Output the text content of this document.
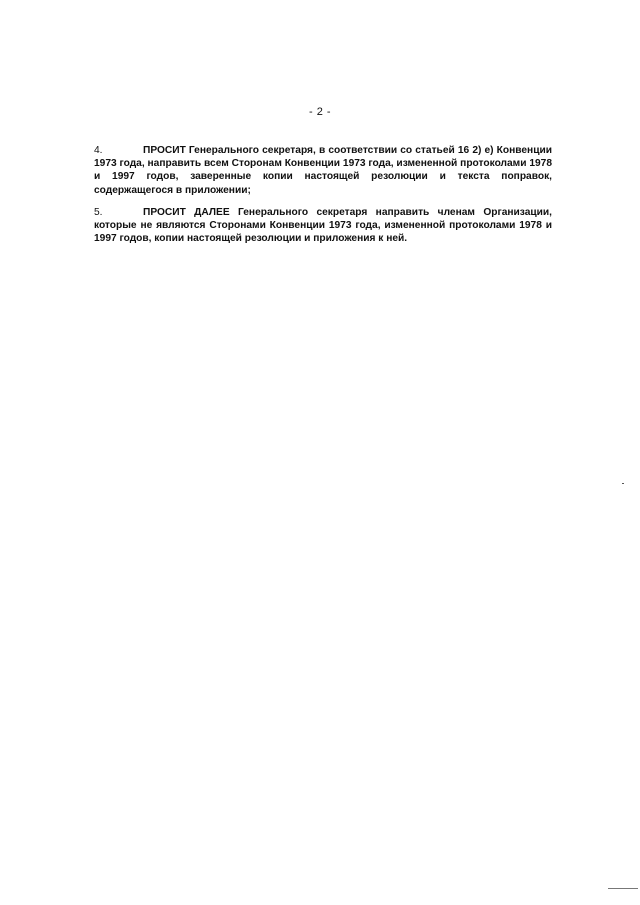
- 2 -

4.	ПРОСИТ Генерального секретаря, в соответствии со статьей 16 2) е) Конвенции 1973 года, направить всем Сторонам Конвенции 1973 года, измененной протоколами 1978 и 1997 годов, заверенные копии настоящей резолюции и текста поправок, содержащегося в приложении;

5.	ПРОСИТ ДАЛЕЕ Генерального секретаря направить членам Организации, которые не являются Сторонами Конвенции 1973 года, измененной протоколами 1978 и 1997 годов, копии настоящей резолюции и приложения к ней.
